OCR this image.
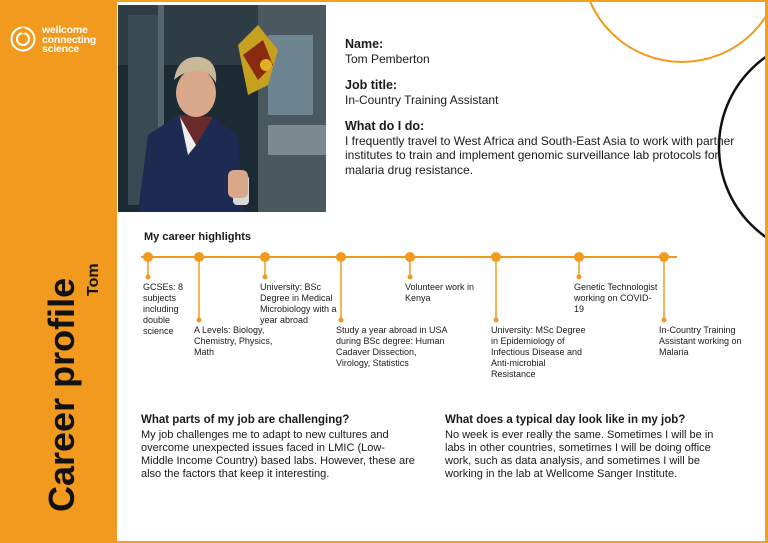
wellcome
connecting
science
Career profile Tom
Name:
Tom Pemberton
Job title:
In-Country Training Assistant
What do I do:
I frequently travel to West Africa and South-East Asia to work with partner institutes to train and implement genomic surveillance lab protocols for malaria drug resistance.
My career highlights
GCSEs: 8 subjects including double science	A Levels: Biology, Chemistry, Physics, Math
University: BSc Degree in Medical Microbiology with a year abroad
Study a year abroad in USA during BSc degree: Human Cadaver Dissection, Virology, Statistics
Volunteer work in Kenya
University: MSc Degree in Epidemiology of Infectious Disease and Anti-microbial Resistance
Genetic Technologist working on COVID-19
In-Country Training Assistant working on Malaria
What parts of my job are challenging?
My job challenges me to adapt to new cultures and overcome unexpected issues faced in LMIC (Low-Middle Income Country) based labs. However, these are also the factors that keep it interesting.
What does a typical day look like in my job?
No week is ever really the same. Sometimes I will be in labs in other countries, sometimes I will be doing office work, such as data analysis, and sometimes I will be working in the lab at Wellcome Sanger Institute.
